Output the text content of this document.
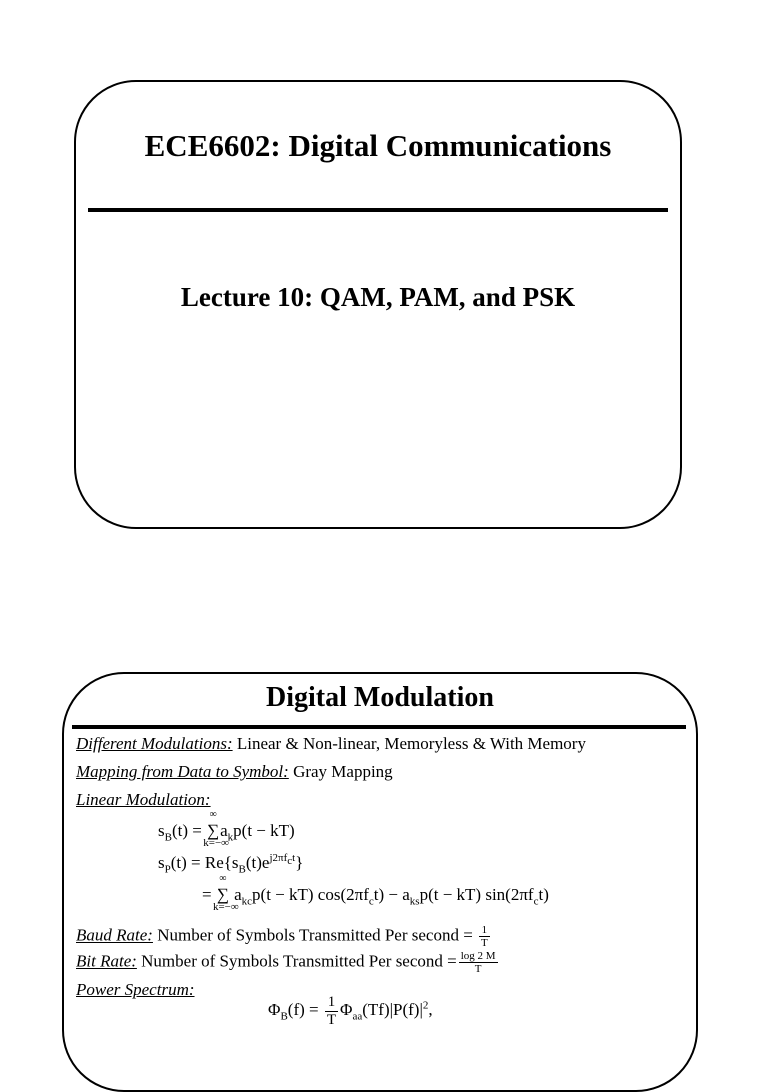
ECE6602: Digital Communications
Lecture 10: QAM, PAM, and PSK
Digital Modulation
Different Modulations: Linear & Non-linear, Memoryless & With Memory
Mapping from Data to Symbol: Gray Mapping
Linear Modulation:
$s_B(t)$ = ∑
∞
k=−∞
$a_kp(t - kT)$
$s_P(t) = Re\{s_B(t)e^{j2\pi f_ct}\}$
= ∑
∞
k=−∞
$a_{kc}p(t - kT) \cos(2\pi f_ct) - a_{ks}p(t - kT)$ $\sin(2\pi f_ct)$
Baud Rate: Number of Symbols Transmitted Per second = $\frac{1}{T}$
Bit Rate: Number of Symbols Transmitted Per second = $\frac{\log 2 M}{T}$
Power Spectrum:
$\Phi_B(f) = \frac{1}{T} \Phi_{aa}(Tf)|P(f)|^2$,
